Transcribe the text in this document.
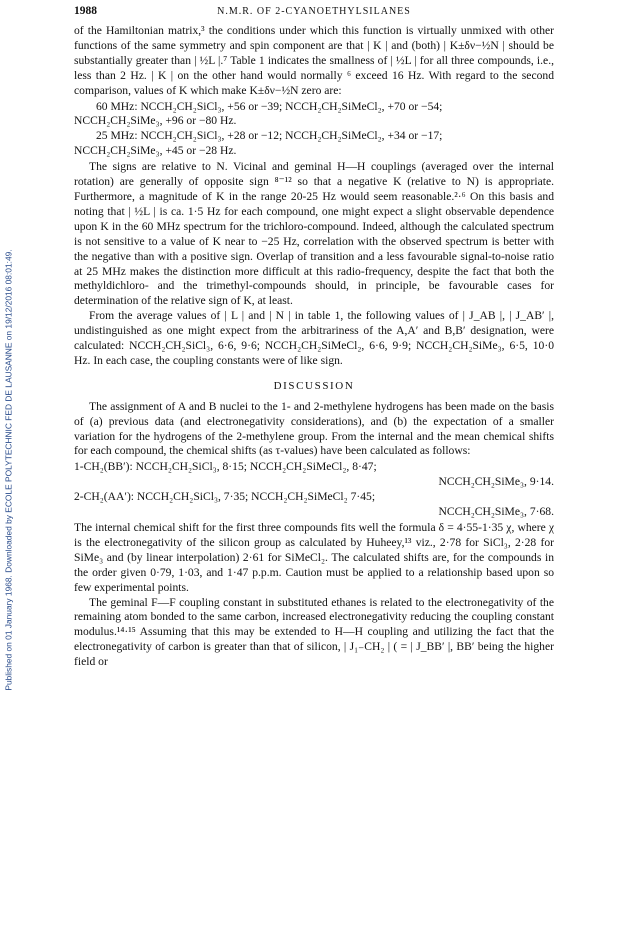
Published on 01 January 1968. Downloaded by ECOLE POLYTECHNIC FED DE LAUSANNE on 19/12/2016 08:01:49.
1988	N.M.R. OF 2-CYANOETHYLSILANES

of the Hamiltonian matrix,³ the conditions under which this function is virtually unmixed with other functions of the same symmetry and spin component are that | K | and (both) | K±δν−½N | should be substantially greater than | ½L |.⁷ Table 1 indicates the smallness of | ½L | for all three compounds, i.e., less than 2 Hz. | K | on the other hand would normally ⁶ exceed 16 Hz. With regard to the second comparison, values of K which make K±δν−½N zero are:

60 MHz: NCCH₂CH₂SiCl₃, +56 or −39; NCCH₂CH₂SiMeCl₂, +70 or −54;
NCCH₂CH₂SiMe₃, +96 or −80 Hz.
25 MHz: NCCH₂CH₂SiCl₃, +28 or −12; NCCH₂CH₂SiMeCl₂, +34 or −17;
NCCH₂CH₂SiMe₃, +45 or −28 Hz.

The signs are relative to N. Vicinal and geminal H—H couplings (averaged over the internal rotation) are generally of opposite sign ⁸⁻¹² so that a negative K (relative to N) is appropriate. Furthermore, a magnitude of K in the range 20-25 Hz would seem reasonable.²·⁶ On this basis and noting that | ½L | is ca. 1·5 Hz for each compound, one might expect a slight observable dependence upon K in the 60 MHz spectrum for the trichloro-compound. Indeed, although the calculated spectrum is not sensitive to a value of K near to −25 Hz, correlation with the observed spectrum is better with the negative than with a positive sign. Overlap of transition and a less favourable signal-to-noise ratio at 25 MHz makes the distinction more difficult at this radio-frequency, despite the fact that both the methyldichloro- and the trimethyl-compounds should, in principle, be favourable cases for determination of the relative sign of K, at least.

From the average values of | L | and | N | in table 1, the following values of | J_AB |, | J_AB′ |, undistinguished as one might expect from the arbitrariness of the A,A′ and B,B′ designation, were calculated: NCCH₂CH₂SiCl₃, 6·6, 9·6; NCCH₂CH₂SiMeCl₂, 6·6, 9·9; NCCH₂CH₂SiMe₃, 6·5, 10·0 Hz. In each case, the coupling constants were of like sign.

DISCUSSION

The assignment of A and B nuclei to the 1- and 2-methylene hydrogens has been made on the basis of (a) previous data (and electronegativity considerations), and (b) the expectation of a smaller variation for the hydrogens of the 2-methylene group. From the internal and the mean chemical shifts for each compound, the chemical shifts (as τ-values) have been calculated as follows:

1-CH₂(BB′): NCCH₂CH₂SiCl₃, 8·15; NCCH₂CH₂SiMeCl₂, 8·47;
NCCH₂CH₂SiMe₃, 9·14.
2-CH₂(AA′): NCCH₂CH₂SiCl₃, 7·35; NCCH₂CH₂SiMeCl₂ 7·45;
NCCH₂CH₂SiMe₃, 7·68.

The internal chemical shift for the first three compounds fits well the formula δ = 4·55-1·35 χ, where χ is the electronegativity of the silicon group as calculated by Huheey,¹³ viz., 2·78 for SiCl₃, 2·28 for SiMe₃ and (by linear interpolation) 2·61 for SiMeCl₂. The calculated shifts are, for the compounds in the order given 0·79, 1·03, and 1·47 p.p.m. Caution must be applied to a relationship based upon so few experimental points.

The geminal F—F coupling constant in substituted ethanes is related to the electronegativity of the remaining atom bonded to the same carbon, increased electronegativity reducing the coupling constant modulus.¹⁴·¹⁵ Assuming that this may be extended to H—H coupling and utilizing the fact that the electronegativity of carbon is greater than that of silicon, | J₁₋CH₂ | ( = | J_BB′ |, BB′ being the higher field or
